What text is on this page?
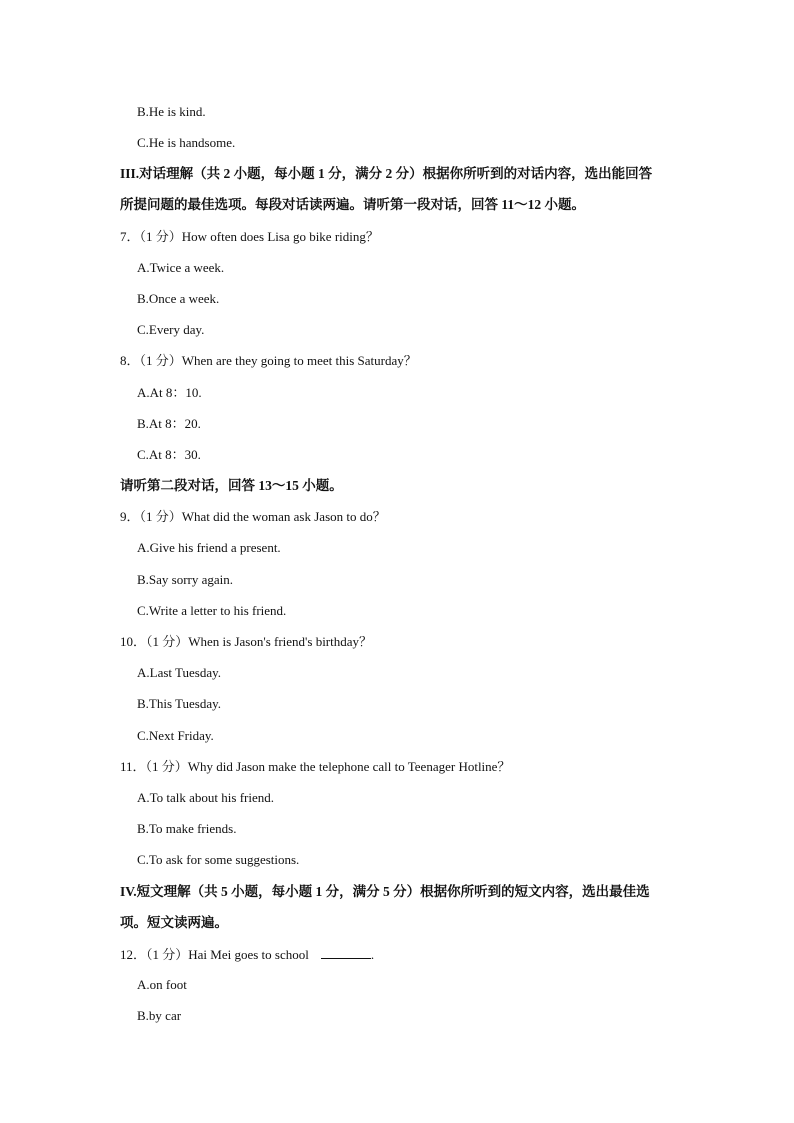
B.He is kind.
C.He is handsome.
III.对话理解（共 2 小题，每小题 1 分，满分 2 分）根据你所听到的对话内容，选出能回答
所提问题的最佳选项。每段对话读两遍。请听第一段对话，回答 11～12 小题。
7．（1 分）How often does Lisa go bike riding？
A.Twice a week.
B.Once a week.
C.Every day.
8．（1 分）When are they going to meet this Saturday？
A.At 8：10.
B.At 8：20.
C.At 8：30.
请听第二段对话，回答 13～15 小题。
9．（1 分）What did the woman ask Jason to do？
A.Give his friend a present.
B.Say sorry again.
C.Write a letter to his friend.
10．（1 分）When is Jason's friend's birthday？
A.Last Tuesday.
B.This Tuesday.
C.Next Friday.
11．（1 分）Why did Jason make the telephone call to Teenager Hotline？
A.To talk about his friend.
B.To make friends.
C.To ask for some suggestions.
IV.短文理解（共 5 小题，每小题 1 分，满分 5 分）根据你所听到的短文内容，选出最佳选
项。短文读两遍。
12．（1 分）Hai Mei goes to school	.
A.on foot
B.by car
